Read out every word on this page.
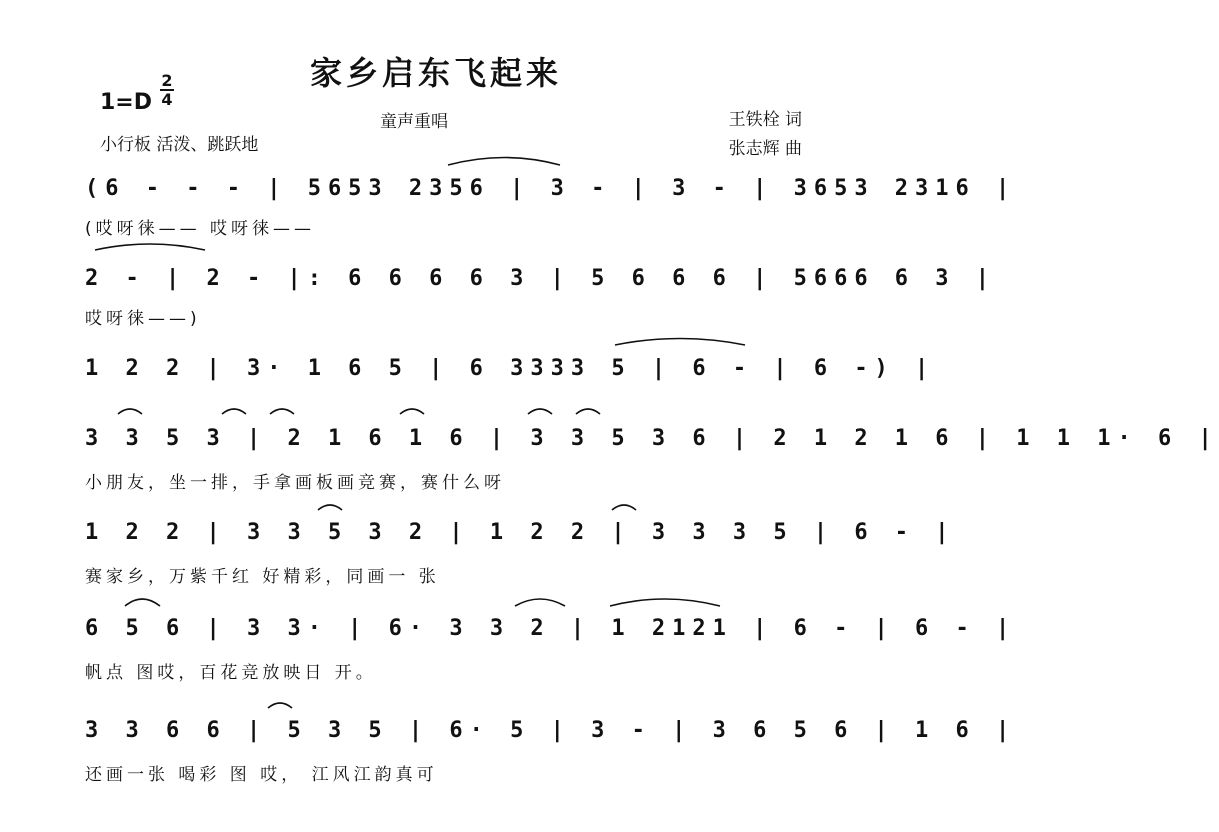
家乡启东飞起来
1=D
2
4
童声重唱
小行板 活泼、跳跃地
王铁栓 词
张志辉 曲
(6 - - - | 5653 2356 | 3 - | 3 - | 3653 2316 |
(哎呀徕—— 哎呀徕——
2 - | 2 - |: 6 6 6 6 3 | 5 6 6 6 | 5666 6 3 |
哎呀徕——)
1 2 2 | 3· 1 6 5 | 6 3333 5 | 6 - | 6 -) |
3 3 5 3 | 2 1 6 1 6 | 3 3 5 3 6 | 2 1 2 1 6 | 1 1 1· 6 |
小朋友，坐一排，手拿画板画竞赛，赛什么呀
1 2 2 | 3 3 5 3 2 | 1 2 2 | 3 3 3 5 | 6 - |
赛家乡，万紫千红 好精彩，同画一 张
6 5 6 | 3 3· | 6· 3 3 2 | 1 2121 | 6 - | 6 - |
帆点 图哎，百花竞放映日 开。
3 3 6 6 | 5 3 5 | 6· 5 | 3 - | 3 6 5 6 | 1 6 |
还画一张 喝彩 图 哎， 江风江韵真可
